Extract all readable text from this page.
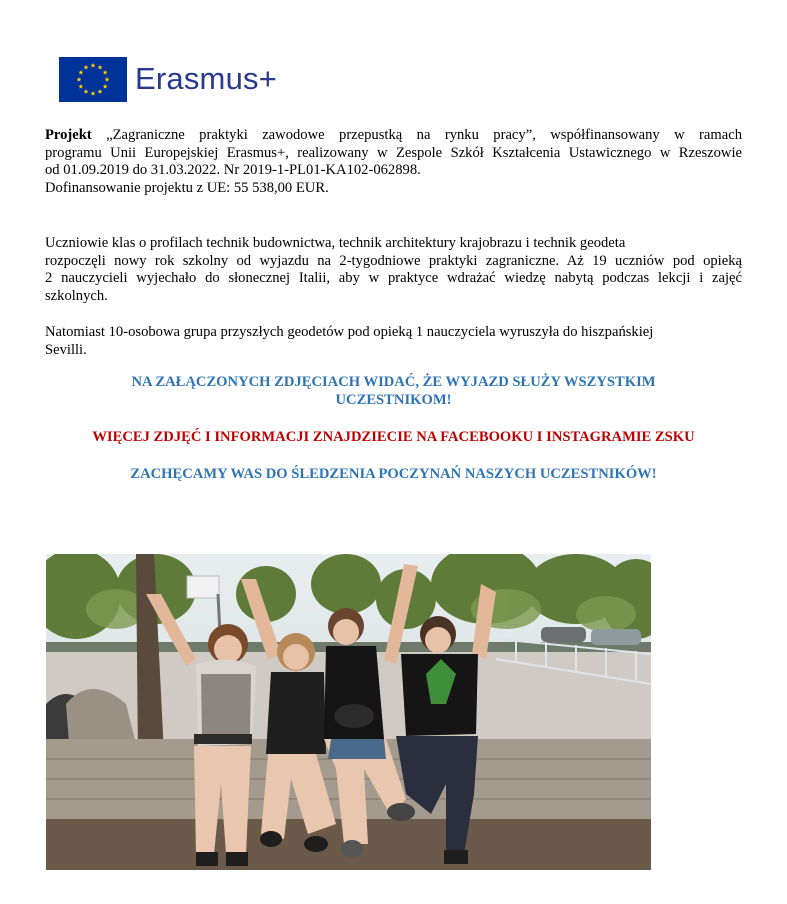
Erasmus+
Projekt „Zagraniczne praktyki zawodowe przepustką na rynku pracy”, współfinansowany w ramach
programu Unii Europejskiej Erasmus+, realizowany w Zespole Szkół Kształcenia Ustawicznego w Rzeszowie
od 01.09.2019 do 31.03.2022. Nr 2019-1-PL01-KA102-062898.
Dofinansowanie projektu z UE: 55 538,00 EUR.
Uczniowie klas o profilach technik budownictwa, technik architektury krajobrazu i technik geodeta
rozpoczęli nowy rok szkolny od wyjazdu na 2-tygodniowe praktyki zagraniczne. Aż 19 uczniów pod opieką
2 nauczycieli wyjechało do słonecznej Italii, aby w praktyce wdrażać wiedzę nabytą podczas lekcji i zajęć
szkolnych.
Natomiast 10-osobowa grupa przyszłych geodetów pod opieką 1 nauczyciela wyruszyła do hiszpańskiej
Sevilli.
NA ZAŁĄCZONYCH ZDJĘCIACH WIDAĆ, ŻE WYJAZD SŁUŻY WSZYSTKIM
UCZESTNIKOM!
WIĘCEJ ZDJĘĆ I INFORMACJI ZNAJDZIECIE NA FACEBOOKU I INSTAGRAMIE ZSKU
ZACHĘCAMY WAS DO ŚLEDZENIA POCZYNAŃ NASZYCH UCZESTNIKÓW!
